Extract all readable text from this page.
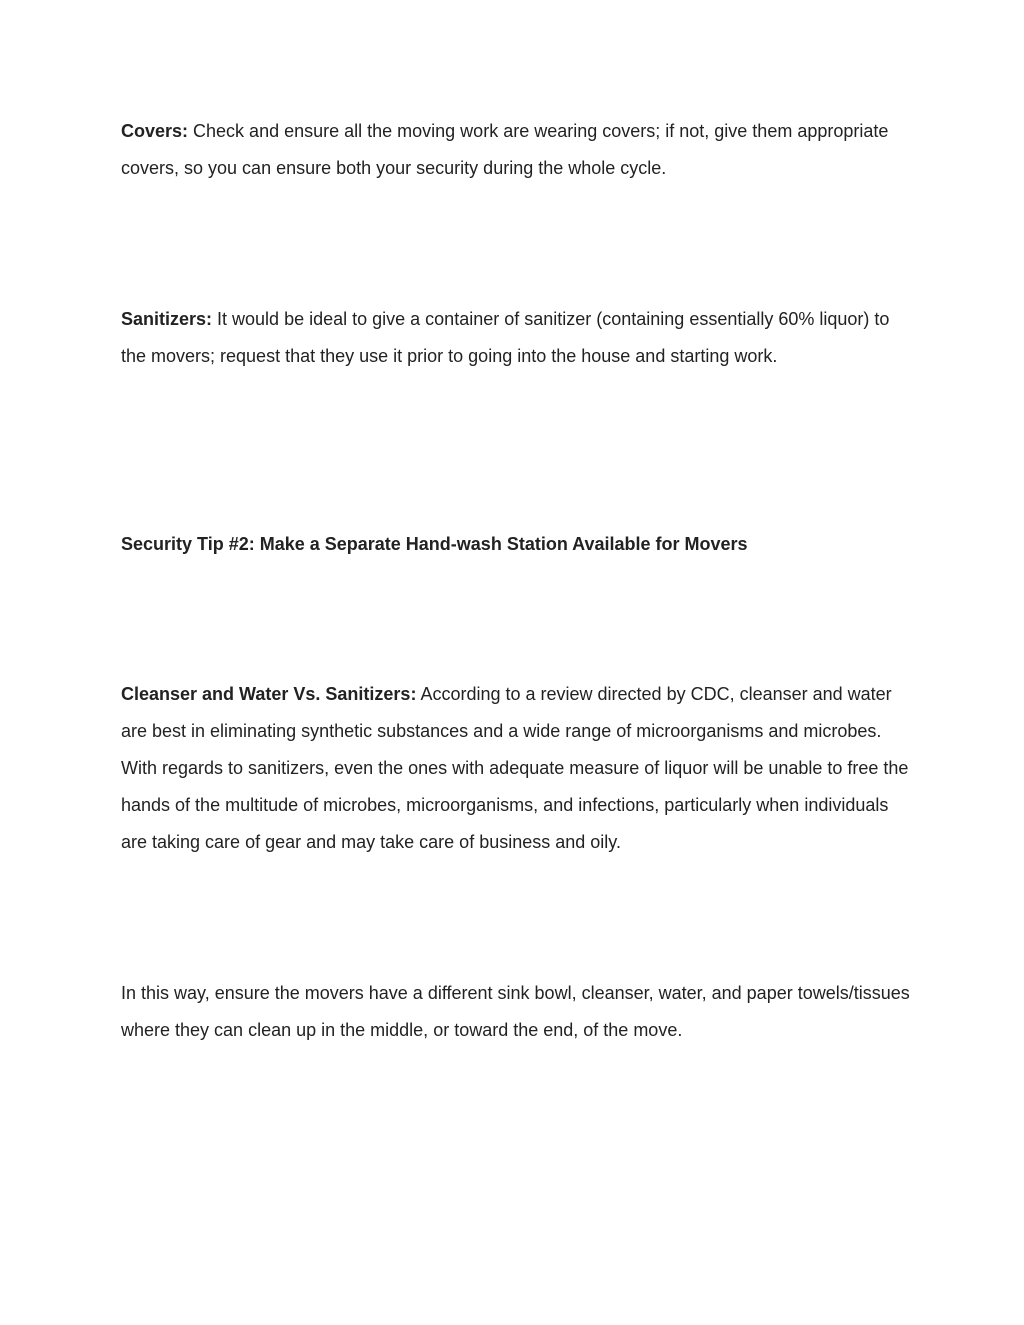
Covers: Check and ensure all the moving work are wearing covers; if not, give them appropriate covers, so you can ensure both your security during the whole cycle.

Sanitizers: It would be ideal to give a container of sanitizer (containing essentially 60% liquor) to the movers; request that they use it prior to going into the house and starting work.

Security Tip #2: Make a Separate Hand-wash Station Available for Movers

Cleanser and Water Vs. Sanitizers: According to a review directed by CDC, cleanser and water are best in eliminating synthetic substances and a wide range of microorganisms and microbes. With regards to sanitizers, even the ones with adequate measure of liquor will be unable to free the hands of the multitude of microbes, microorganisms, and infections, particularly when individuals are taking care of gear and may take care of business and oily.

In this way, ensure the movers have a different sink bowl, cleanser, water, and paper towels/tissues where they can clean up in the middle, or toward the end, of the move.
